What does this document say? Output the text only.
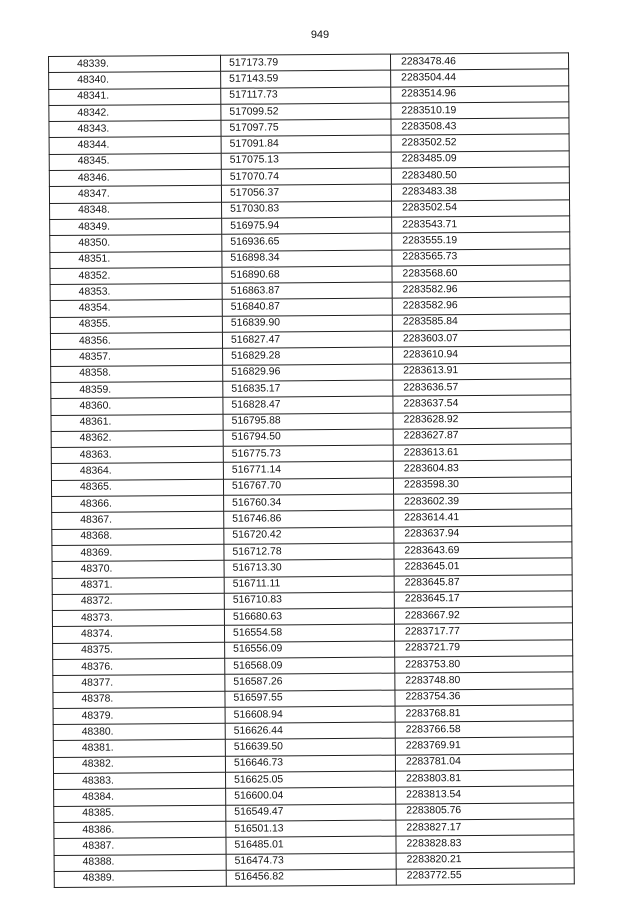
949
48339.	517173.79	2283478.46
48340.	517143.59	2283504.44
48341.	517117.73	2283514.96
48342.	517099.52	2283510.19
48343.	517097.75	2283508.43
48344.	517091.84	2283502.52
48345.	517075.13	2283485.09
48346.	517070.74	2283480.50
48347.	517056.37	2283483.38
48348.	517030.83	2283502.54
48349.	516975.94	2283543.71
48350.	516936.65	2283555.19
48351.	516898.34	2283565.73
48352.	516890.68	2283568.60
48353.	516863.87	2283582.96
48354.	516840.87	2283582.96
48355.	516839.90	2283585.84
48356.	516827.47	2283603.07
48357.	516829.28	2283610.94
48358.	516829.96	2283613.91
48359.	516835.17	2283636.57
48360.	516828.47	2283637.54
48361.	516795.88	2283628.92
48362.	516794.50	2283627.87
48363.	516775.73	2283613.61
48364.	516771.14	2283604.83
48365.	516767.70	2283598.30
48366.	516760.34	2283602.39
48367.	516746.86	2283614.41
48368.	516720.42	2283637.94
48369.	516712.78	2283643.69
48370.	516713.30	2283645.01
48371.	516711.11	2283645.87
48372.	516710.83	2283645.17
48373.	516680.63	2283667.92
48374.	516554.58	2283717.77
48375.	516556.09	2283721.79
48376.	516568.09	2283753.80
48377.	516587.26	2283748.80
48378.	516597.55	2283754.36
48379.	516608.94	2283768.81
48380.	516626.44	2283766.58
48381.	516639.50	2283769.91
48382.	516646.73	2283781.04
48383.	516625.05	2283803.81
48384.	516600.04	2283813.54
48385.	516549.47	2283805.76
48386.	516501.13	2283827.17
48387.	516485.01	2283828.83
48388.	516474.73	2283820.21
48389.	516456.82	2283772.55
